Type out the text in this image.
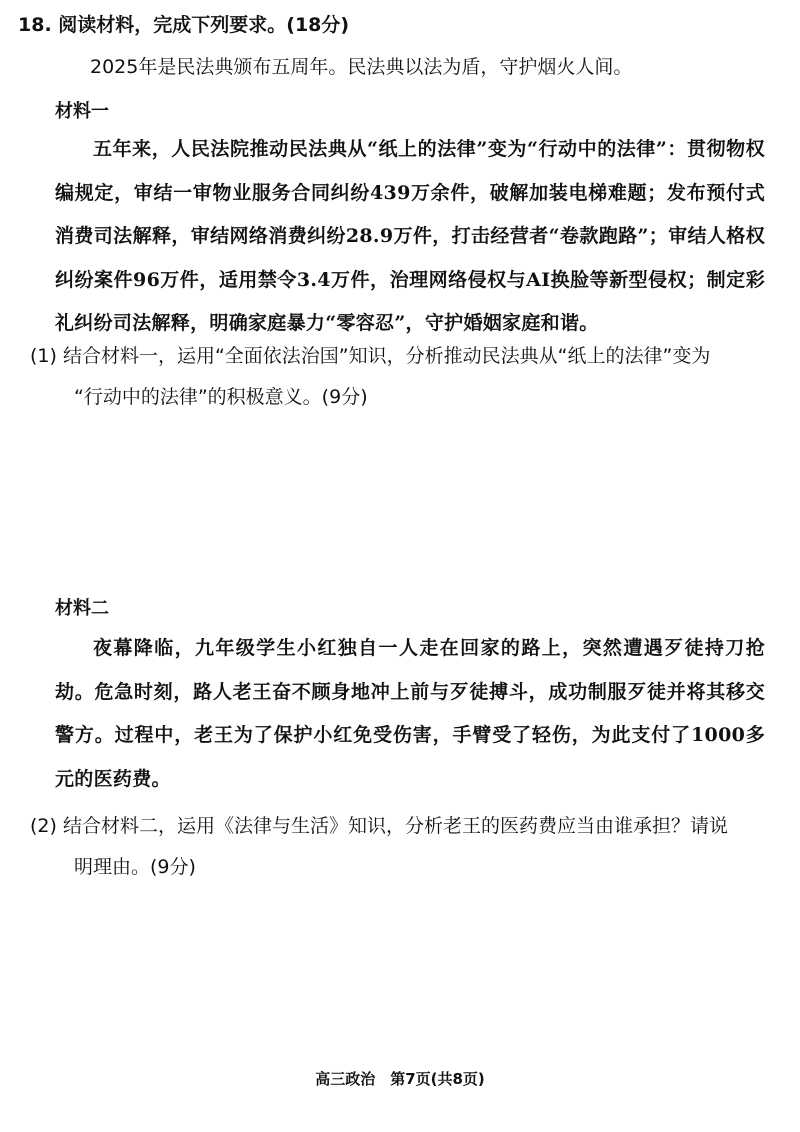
18. 阅读材料，完成下列要求。(18分)
2025年是民法典颁布五周年。民法典以法为盾，守护烟火人间。
材料一
五年来，人民法院推动民法典从“纸上的法律”变为“行动中的法律”：贯彻物权编规定，审结一审物业服务合同纠纷439万余件，破解加装电梯难题；发布预付式消费司法解释，审结网络消费纠纷28.9万件，打击经营者“卷款跑路”；审结人格权纠纷案件96万件，适用禁令3.4万件，治理网络侵权与AI换脸等新型侵权；制定彩礼纠纷司法解释，明确家庭暴力“零容忍”，守护婚姻家庭和谐。
(1) 结合材料一，运用“全面依法治国”知识，分析推动民法典从“纸上的法律”变为
“行动中的法律”的积极意义。(9分)
材料二
夜幕降临，九年级学生小红独自一人走在回家的路上，突然遭遇歹徒持刀抢劫。危急时刻，路人老王奋不顾身地冲上前与歹徒搏斗，成功制服歹徒并将其移交警方。过程中，老王为了保护小红免受伤害，手臂受了轻伤，为此支付了1000多元的医药费。
(2) 结合材料二，运用《法律与生活》知识，分析老王的医药费应当由谁承担？请说
明理由。(9分)
高三政治　第7页(共8页)
